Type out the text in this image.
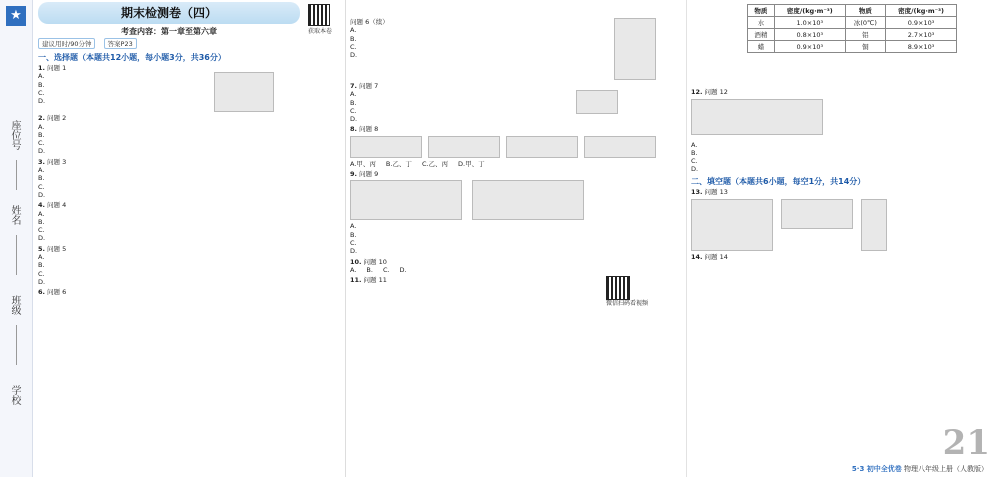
★
座位号
姓名
班级
学校
期末检测卷（四）
考查内容：第一章至第六章	获取本卷
建议用时/90分钟 答案P23
一、选择题（本题共12小题，每小题3分，共36分）
1. 问题 1
A.
B.
C.
D.
2. 问题 2
A.
B.
C.
D.
3. 问题 3
A.
B.
C.
D.
4. 问题 4
A.
B.
C.
D.
5. 问题 5
A.
B.
C.
D.
6. 问题 6
问题 6（续）
A.
B.
C.
D.
7. 问题 7
A.
B.
C.
D.
8. 问题 8
A.甲、丙 B.乙、丁 C.乙、丙 D.甲、丁
9. 问题 9
A.
B.
C.
D.
10. 问题 10
A. B. C. D.
11. 问题 11
微信扫码看视频
物质	密度/(kg·m⁻³)	物质	密度/(kg·m⁻³)
水	1.0×10³	冰(0℃)	0.9×10³
酒精	0.8×10³	铝	2.7×10³
蜡	0.9×10³	铜	8.9×10³
12. 问题 12
A.
B.
C.
D.
二、填空题（本题共6小题，每空1分，共14分）
13. 问题 13
14. 问题 14
21
5·3 初中全优卷 物理八年级上册（人教版）
